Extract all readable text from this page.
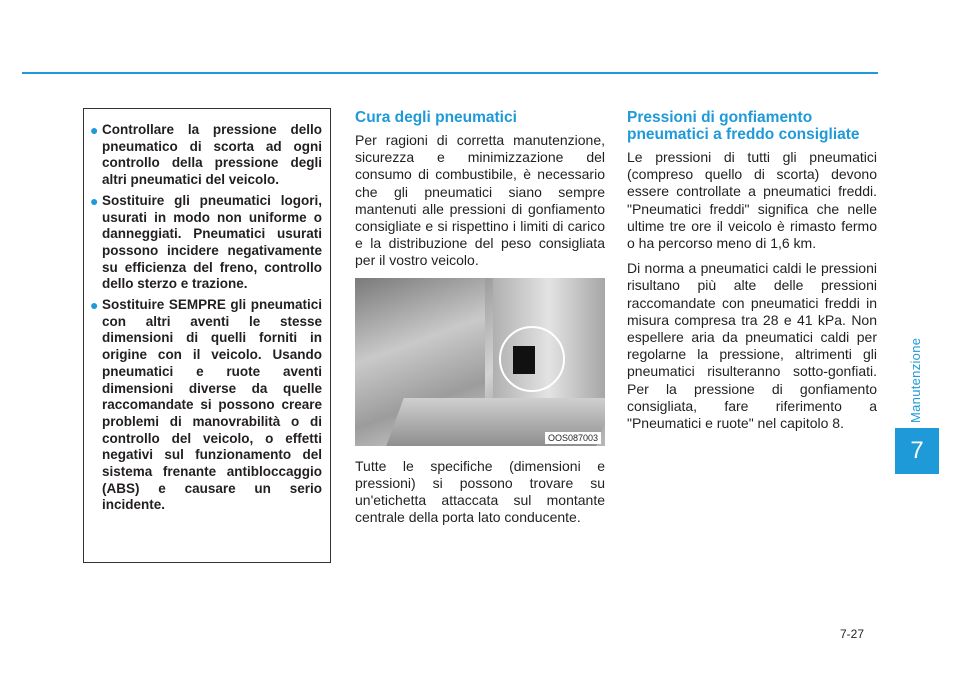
Manutenzione
7
● Controllare la pressione dello pneumatico di scorta ad ogni controllo della pressione degli altri pneumatici del veicolo.
● Sostituire gli pneumatici logori, usurati in modo non uniforme o danneggiati. Pneumatici usurati possono incidere negativamente su efficienza del freno, controllo dello sterzo e trazione.
● Sostituire SEMPRE gli pneumatici con altri aventi le stesse dimensioni di quelli forniti in origine con il veicolo. Usando pneumatici e ruote aventi dimensioni diverse da quelle raccomandate si possono creare problemi di manovrabilità o di controllo del veicolo, o effetti negativi sul funzionamento del sistema frenante antibloccaggio (ABS) e causare un serio incidente.
Cura degli pneumatici

Per ragioni di corretta manutenzione, sicurezza e minimizzazione del consumo di combustibile, è necessario che gli pneumatici siano sempre mantenuti alle pressioni di gonfiamento consigliate e si rispettino i limiti di carico e la distribuzione del peso consigliata per il vostro veicolo.

OOS087003

Tutte le specifiche (dimensioni e pressioni) si possono trovare su un'etichetta attaccata sul montante centrale della porta lato conducente.

Pressioni di gonfiamento pneumatici a freddo consigliate

Le pressioni di tutti gli pneumatici (compreso quello di scorta) devono essere controllate a pneumatici freddi. "Pneumatici freddi" significa che nelle ultime tre ore il veicolo è rimasto fermo o ha percorso meno di 1,6 km.

Di norma a pneumatici caldi le pressioni risultano più alte delle pressioni raccomandate con pneumatici freddi in misura compresa tra 28 e 41 kPa. Non espellere aria da pneumatici caldi per regolarne la pressione, altrimenti gli pneumatici risulteranno sotto-gonfiati. Per la pressione di gonfiamento consigliata, fare riferimento a "Pneumatici e ruote" nel capitolo 8.

7-27
